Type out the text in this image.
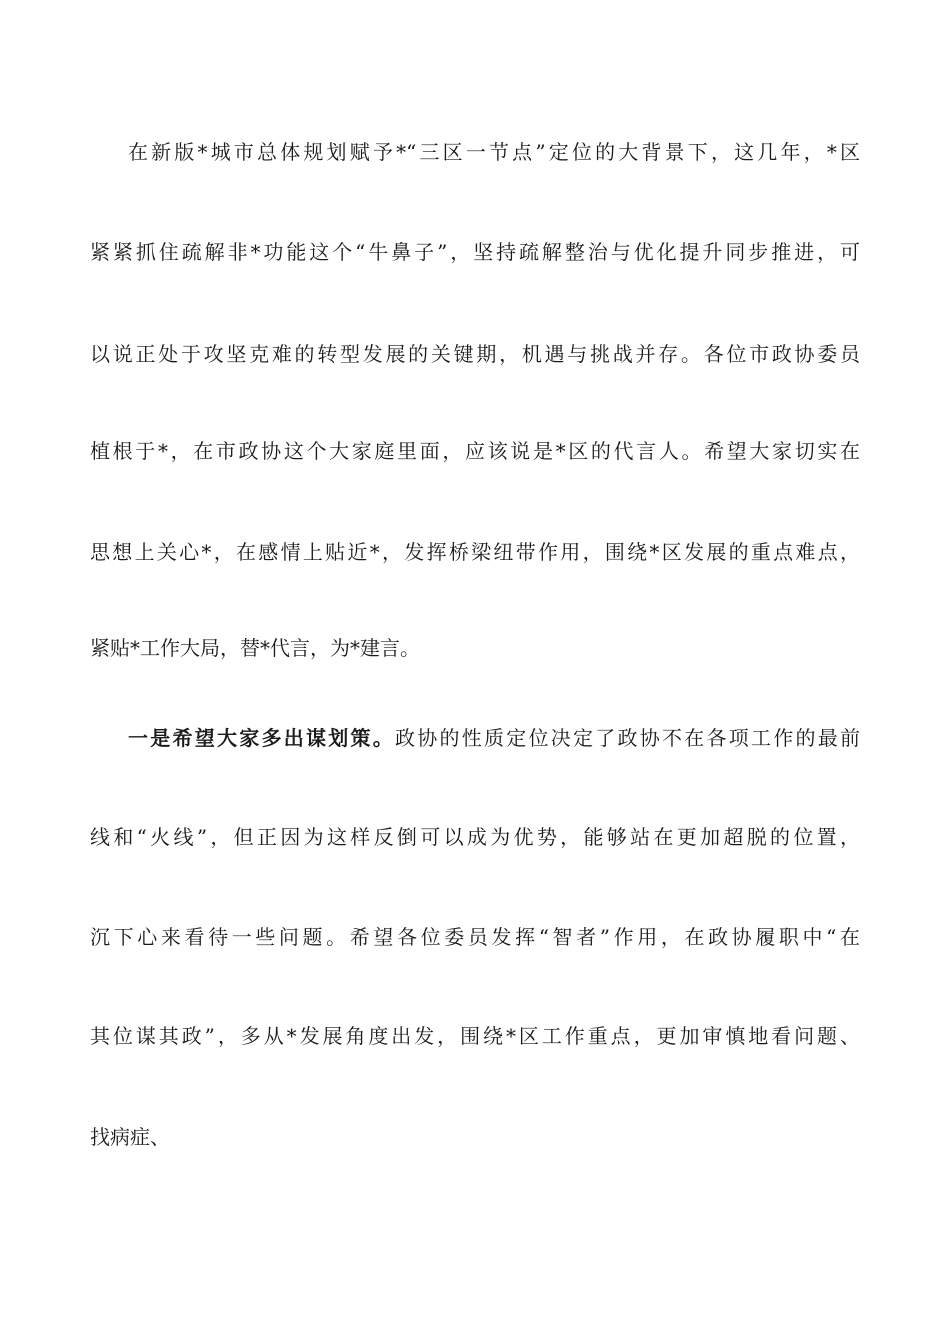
在新版*城市总体规划赋予*“三区一节点”定位的大背景下，这几年，*区
紧紧抓住疏解非*功能这个“牛鼻子”，坚持疏解整治与优化提升同步推进，可
以说正处于攻坚克难的转型发展的关键期，机遇与挑战并存。各位市政协委员
植根于*，在市政协这个大家庭里面，应该说是*区的代言人。希望大家切实在
思想上关心*，在感情上贴近*，发挥桥梁纽带作用，围绕*区发展的重点难点，
紧贴*工作大局，替*代言，为*建言。
一是希望大家多出谋划策。政协的性质定位决定了政协不在各项工作的最前
线和“火线”，但正因为这样反倒可以成为优势，能够站在更加超脱的位置，
沉下心来看待一些问题。希望各位委员发挥“智者”作用，在政协履职中“在
其位谋其政”，多从*发展角度出发，围绕*区工作重点，更加审慎地看问题、
找病症、
